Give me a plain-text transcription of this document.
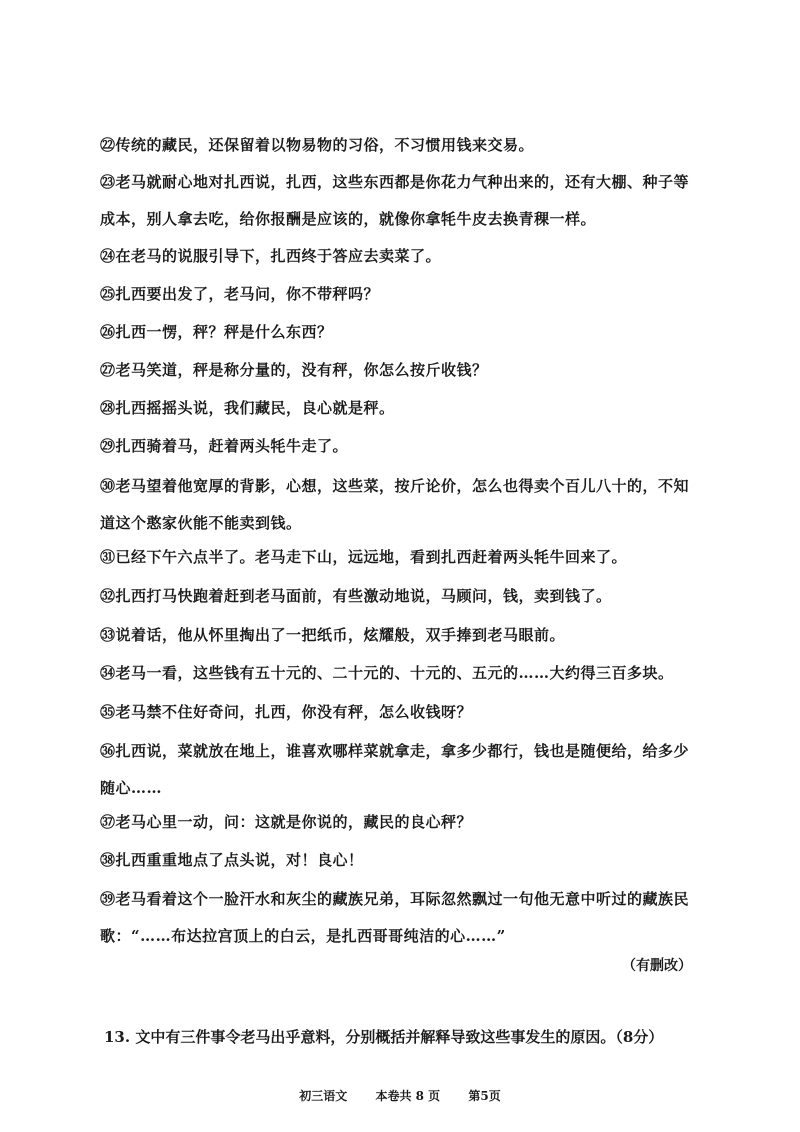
㉒传统的藏民，还保留着以物易物的习俗，不习惯用钱来交易。
㉓老马就耐心地对扎西说，扎西，这些东西都是你花力气种出来的，还有大棚、种子等成本，别人拿去吃，给你报酬是应该的，就像你拿牦牛皮去换青稞一样。
㉔在老马的说服引导下，扎西终于答应去卖菜了。
㉕扎西要出发了，老马问，你不带秤吗？
㉖扎西一愣，秤？秤是什么东西？
㉗老马笑道，秤是称分量的，没有秤，你怎么按斤收钱？
㉘扎西摇摇头说，我们藏民，良心就是秤。
㉙扎西骑着马，赶着两头牦牛走了。
㉚老马望着他宽厚的背影，心想，这些菜，按斤论价，怎么也得卖个百儿八十的，不知道这个憨家伙能不能卖到钱。
㉛已经下午六点半了。老马走下山，远远地，看到扎西赶着两头牦牛回来了。
㉜扎西打马快跑着赶到老马面前，有些激动地说，马顾问，钱，卖到钱了。
㉝说着话，他从怀里掏出了一把纸币，炫耀般，双手捧到老马眼前。
㉞老马一看，这些钱有五十元的、二十元的、十元的、五元的……大约得三百多块。
㉟老马禁不住好奇问，扎西，你没有秤，怎么收钱呀？
㊱扎西说，菜就放在地上，谁喜欢哪样菜就拿走，拿多少都行，钱也是随便给，给多少随心……
㊲老马心里一动，问：这就是你说的，藏民的良心秤？
㊳扎西重重地点了点头说，对！良心！
㊴老马看着这个一脸汗水和灰尘的藏族兄弟，耳际忽然飘过一句他无意中听过的藏族民歌：“……布达拉宫顶上的白云，是扎西哥哥纯洁的心……”
（有删改）
13. 文中有三件事令老马出乎意料，分别概括并解释导致这些事发生的原因。（8分）
初三语文 本卷共 8 页 第5页
